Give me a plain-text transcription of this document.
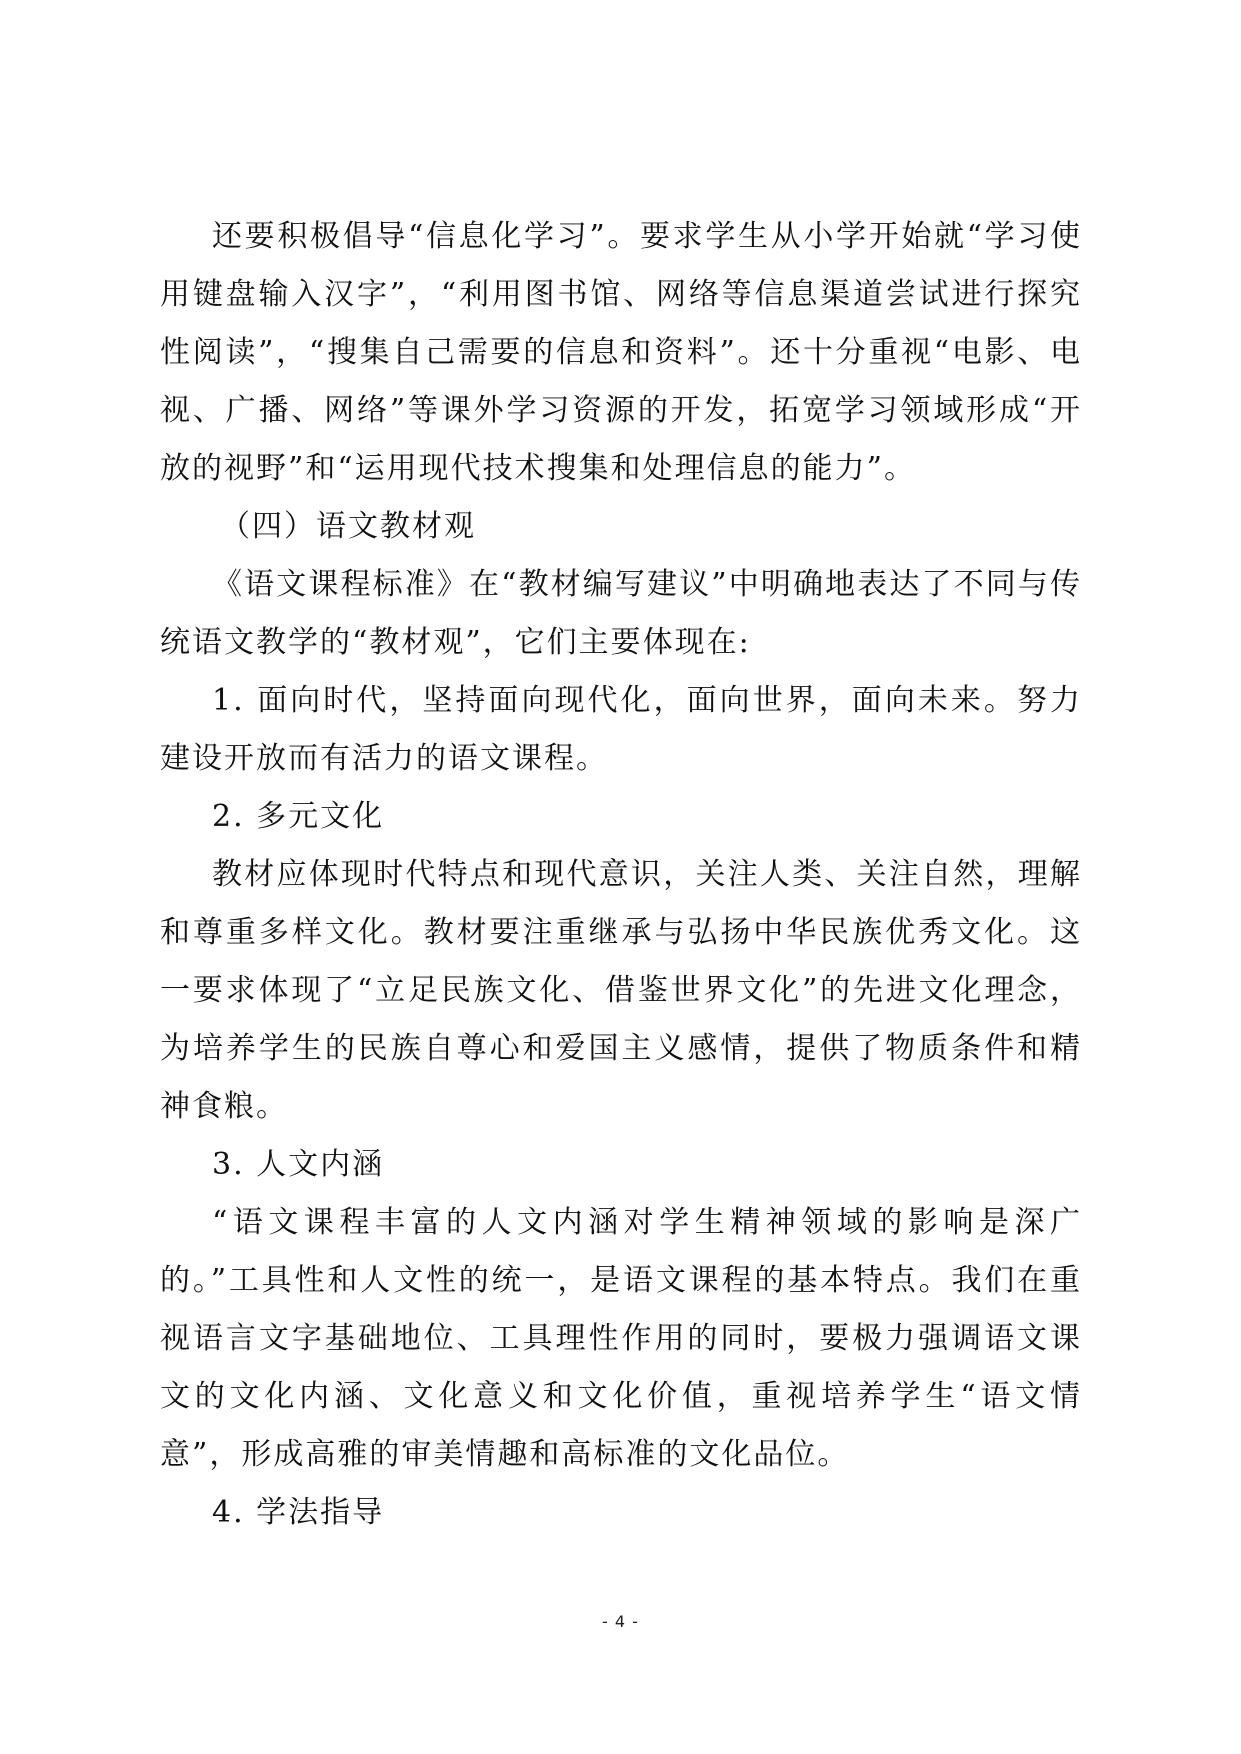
还要积极倡导“信息化学习”。要求学生从小学开始就“学习使用键盘输入汉字”，“利用图书馆、网络等信息渠道尝试进行探究性阅读”，“搜集自己需要的信息和资料”。还十分重视“电影、电视、广播、网络”等课外学习资源的开发，拓宽学习领域形成“开放的视野”和“运用现代技术搜集和处理信息的能力”。

（四）语文教材观

《语文课程标准》在“教材编写建议”中明确地表达了不同与传统语文教学的“教材观”，它们主要体现在:

1. 面向时代，坚持面向现代化，面向世界，面向未来。努力建设开放而有活力的语文课程。

2. 多元文化

教材应体现时代特点和现代意识，关注人类、关注自然，理解和尊重多样文化。教材要注重继承与弘扬中华民族优秀文化。这一要求体现了“立足民族文化、借鉴世界文化”的先进文化理念，为培养学生的民族自尊心和爱国主义感情，提供了物质条件和精神食粮。

3. 人文内涵

“语文课程丰富的人文内涵对学生精神领域的影响是深广的。”工具性和人文性的统一，是语文课程的基本特点。我们在重视语言文字基础地位、工具理性作用的同时，要极力强调语文课文的文化内涵、文化意义和文化价值，重视培养学生“语文情意”，形成高雅的审美情趣和高标准的文化品位。

4. 学法指导

- 4 -
